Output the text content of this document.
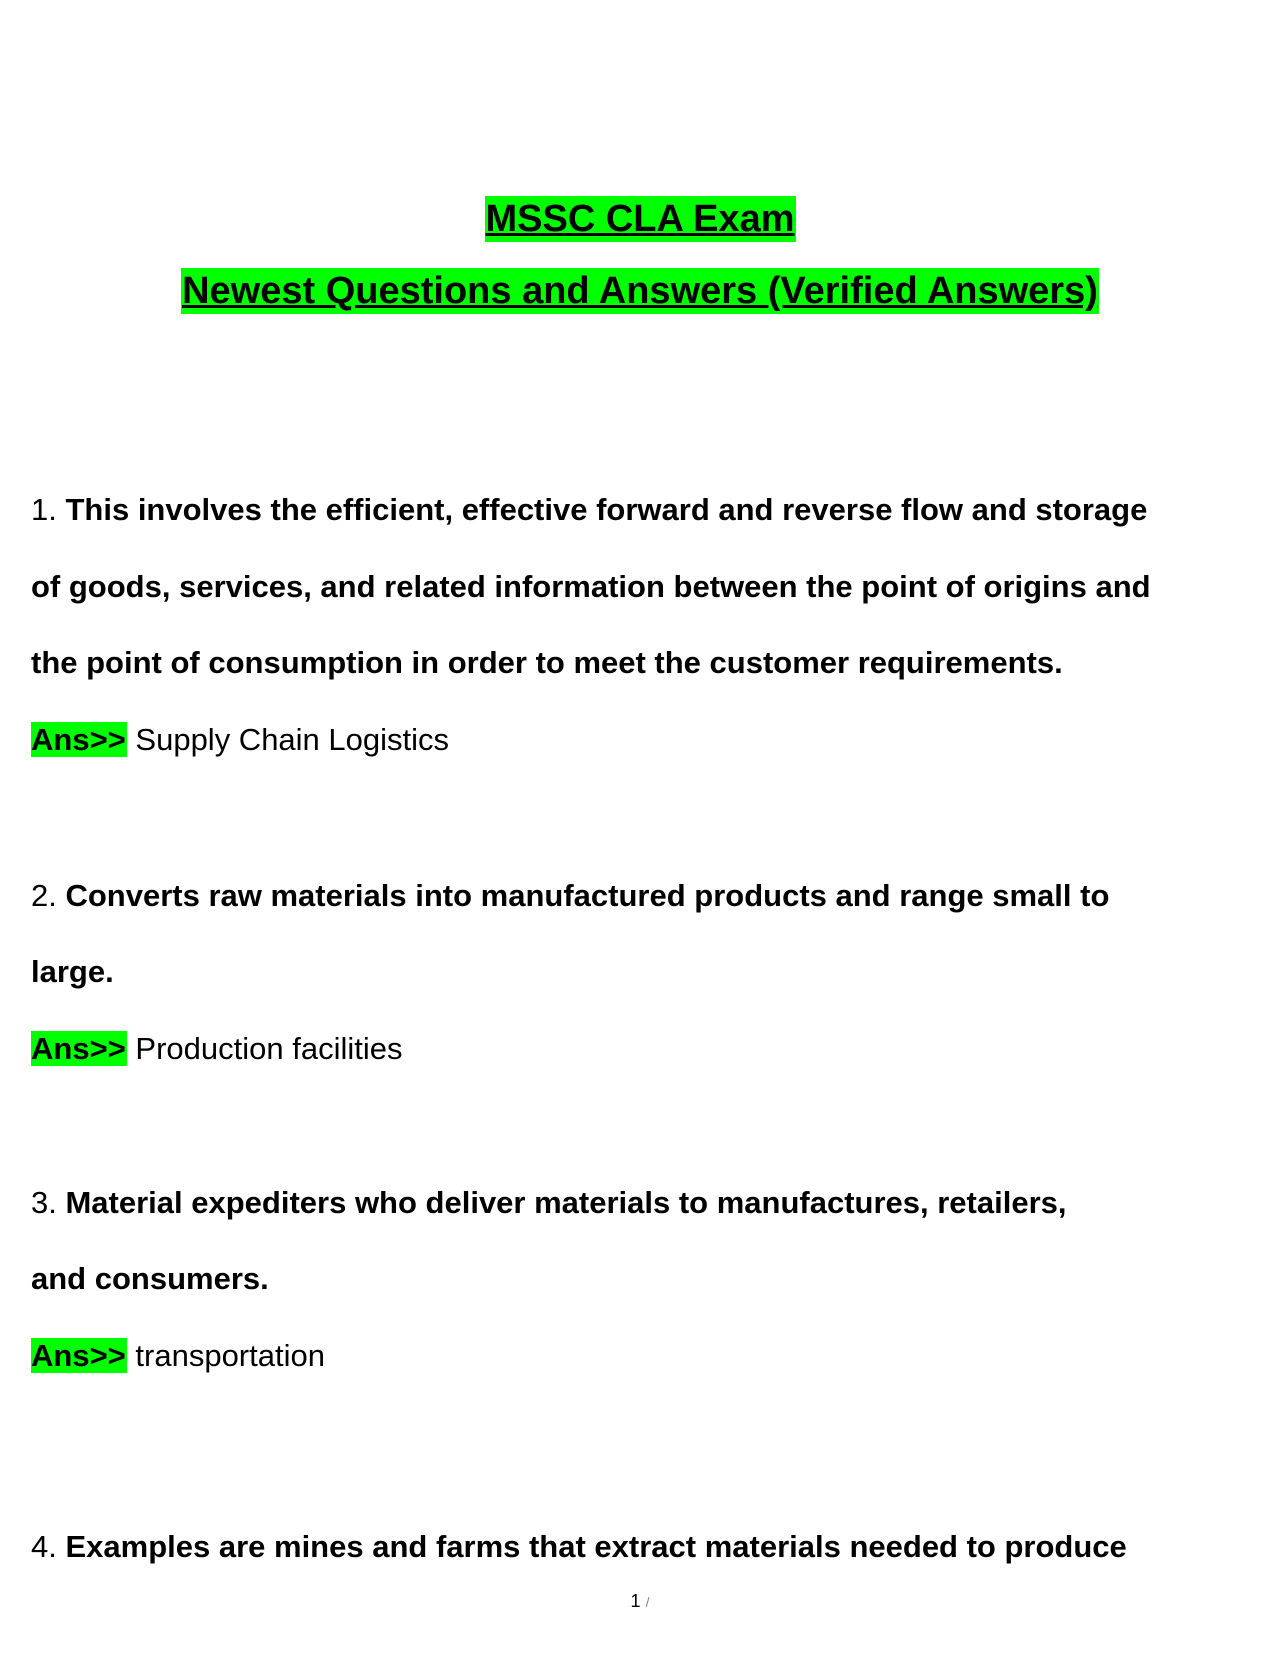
MSSC CLA Exam
Newest Questions and Answers (Verified Answers)
1. This involves the efficient, effective forward and reverse flow and storage
of goods, services, and related information between the point of origins and
the point of consumption in order to meet the customer requirements.
Ans>> Supply Chain Logistics
2. Converts raw materials into manufactured products and range small to
large.
Ans>> Production facilities
3. Material expediters who deliver materials to manufactures, retailers,
and consumers.
Ans>> transportation
4. Examples are mines and farms that extract materials needed to produce
1 /
